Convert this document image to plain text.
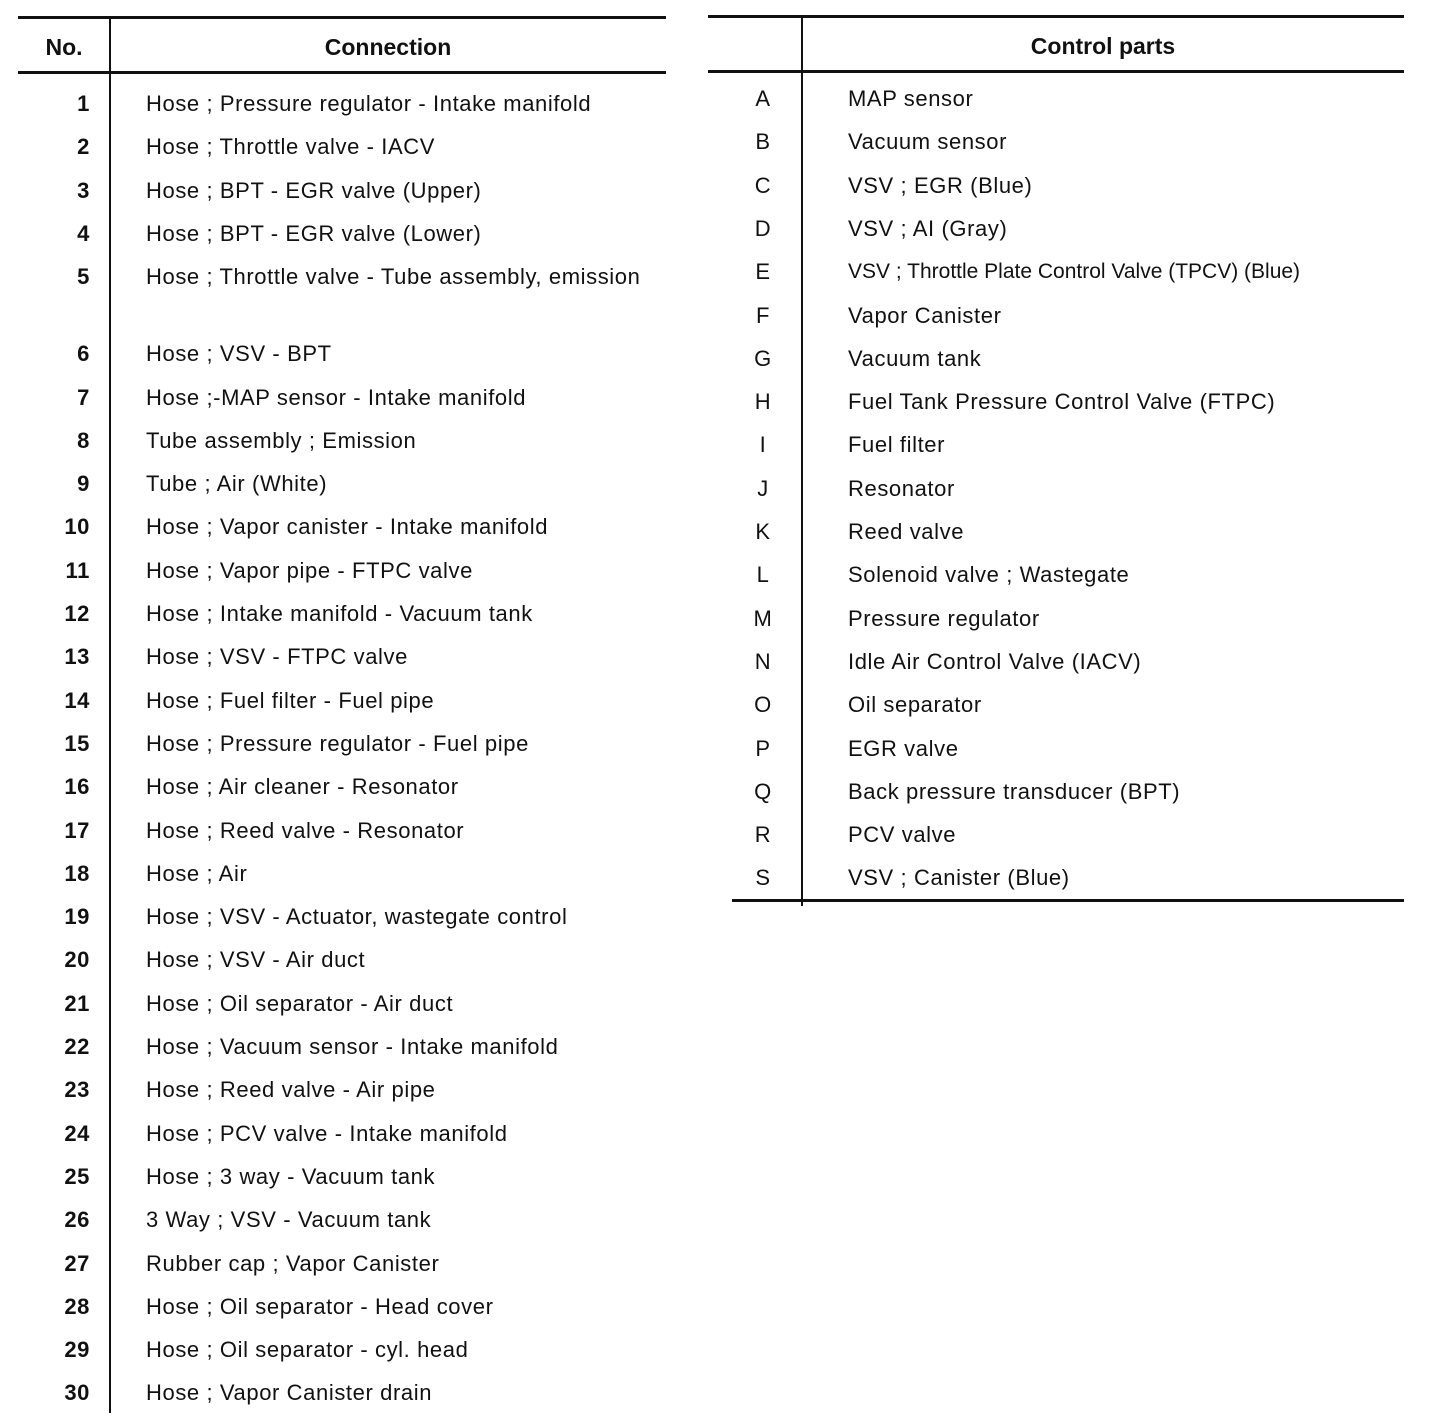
No.	Connection
1	Hose ; Pressure regulator - Intake manifold
2	Hose ; Throttle valve - IACV
3	Hose ; BPT - EGR valve (Upper)
4	Hose ; BPT - EGR valve (Lower)
5	Hose ; Throttle valve - Tube assembly, emission
6	Hose ; VSV - BPT
7	Hose ;-MAP sensor - Intake manifold
8	Tube assembly ; Emission
9	Tube ; Air (White)
10	Hose ; Vapor canister - Intake manifold
11	Hose ; Vapor pipe - FTPC valve
12	Hose ; Intake manifold - Vacuum tank
13	Hose ; VSV - FTPC valve
14	Hose ; Fuel filter - Fuel pipe
15	Hose ; Pressure regulator - Fuel pipe
16	Hose ; Air cleaner - Resonator
17	Hose ; Reed valve - Resonator
18	Hose ; Air
19	Hose ; VSV - Actuator, wastegate control
20	Hose ; VSV - Air duct
21	Hose ; Oil separator - Air duct
22	Hose ; Vacuum sensor - Intake manifold
23	Hose ; Reed valve - Air pipe
24	Hose ; PCV valve - Intake manifold
25	Hose ; 3 way - Vacuum tank
26	3 Way ; VSV - Vacuum tank
27	Rubber cap ; Vapor Canister
28	Hose ; Oil separator - Head cover
29	Hose ; Oil separator - cyl. head
30	Hose ; Vapor Canister drain
Control parts
A	MAP sensor
B	Vacuum sensor
C	VSV ; EGR (Blue)
D	VSV ; AI (Gray)
E	VSV ; Throttle Plate Control Valve (TPCV) (Blue)
F	Vapor Canister
G	Vacuum tank
H	Fuel Tank Pressure Control Valve (FTPC)
I	Fuel filter
J	Resonator
K	Reed valve
L	Solenoid valve ; Wastegate
M	Pressure regulator
N	Idle Air Control Valve (IACV)
O	Oil separator
P	EGR valve
Q	Back pressure transducer (BPT)
R	PCV valve
S	VSV ; Canister (Blue)
